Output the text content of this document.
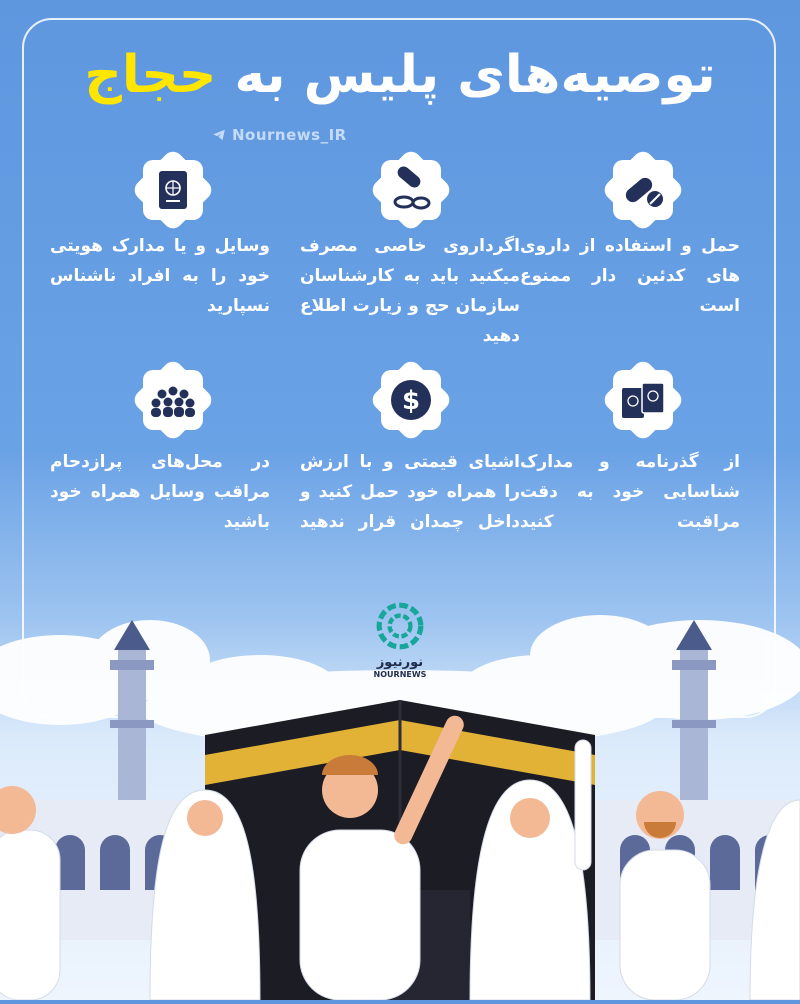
توصیه‌های پلیس به حجاج
Nournews_IR
حمل و استفاده از داروی های کدئین دار ممنوع است
اگرداروی خاصی مصرف میکنید باید به کارشناسان سازمان حج و زیارت اطلاع دهید
وسایل و یا مدارک هویتی خود را به افراد ناشناس نسپارید
$
از گذرنامه و مدارک شناسایی خود به دقت مراقبت کنید
اشیای قیمتی و با ارزش را همراه خود حمل کنید و داخل چمدان قرار ندهید
در محل‌های پرازدحام مراقب وسایل همراه خود باشید
نورنیوز
NOURNEWS
